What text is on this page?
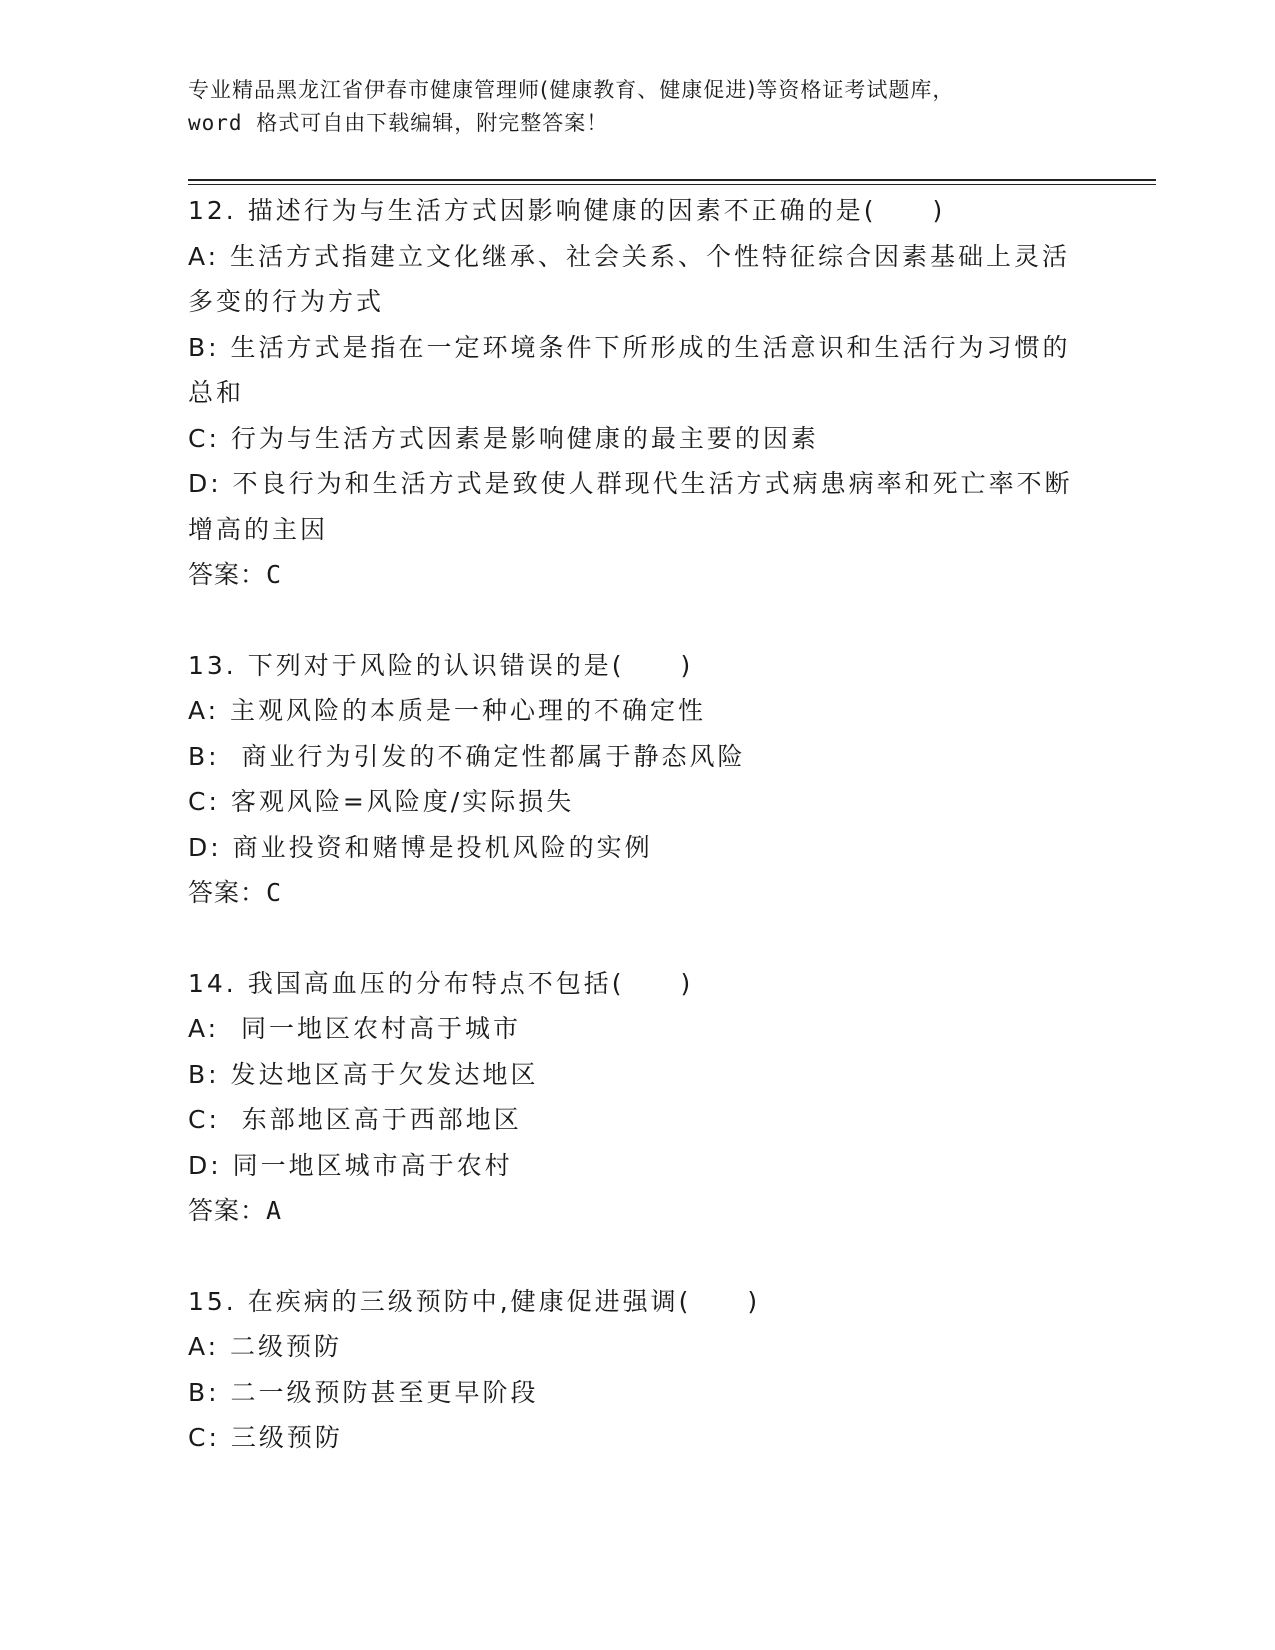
专业精品黑龙江省伊春市健康管理师(健康教育、健康促进)等资格证考试题库，
word 格式可自由下载编辑，附完整答案！

12. 描述行为与生活方式因影响健康的因素不正确的是(　　)

A: 生活方式指建立文化继承、社会关系、个性特征综合因素基础上灵活多变的行为方式

B: 生活方式是指在一定环境条件下所形成的生活意识和生活行为习惯的总和

C: 行为与生活方式因素是影响健康的最主要的因素

D: 不良行为和生活方式是致使人群现代生活方式病患病率和死亡率不断增高的主因

答案：C

13. 下列对于风险的认识错误的是(　　)

A: 主观风险的本质是一种心理的不确定性

B:  商业行为引发的不确定性都属于静态风险

C: 客观风险=风险度/实际损失

D: 商业投资和赌博是投机风险的实例

答案：C

14. 我国高血压的分布特点不包括(　　)

A:  同一地区农村高于城市

B: 发达地区高于欠发达地区

C:  东部地区高于西部地区

D: 同一地区城市高于农村

答案：A

15. 在疾病的三级预防中,健康促进强调(　　)

A: 二级预防

B: 二一级预防甚至更早阶段

C: 三级预防
